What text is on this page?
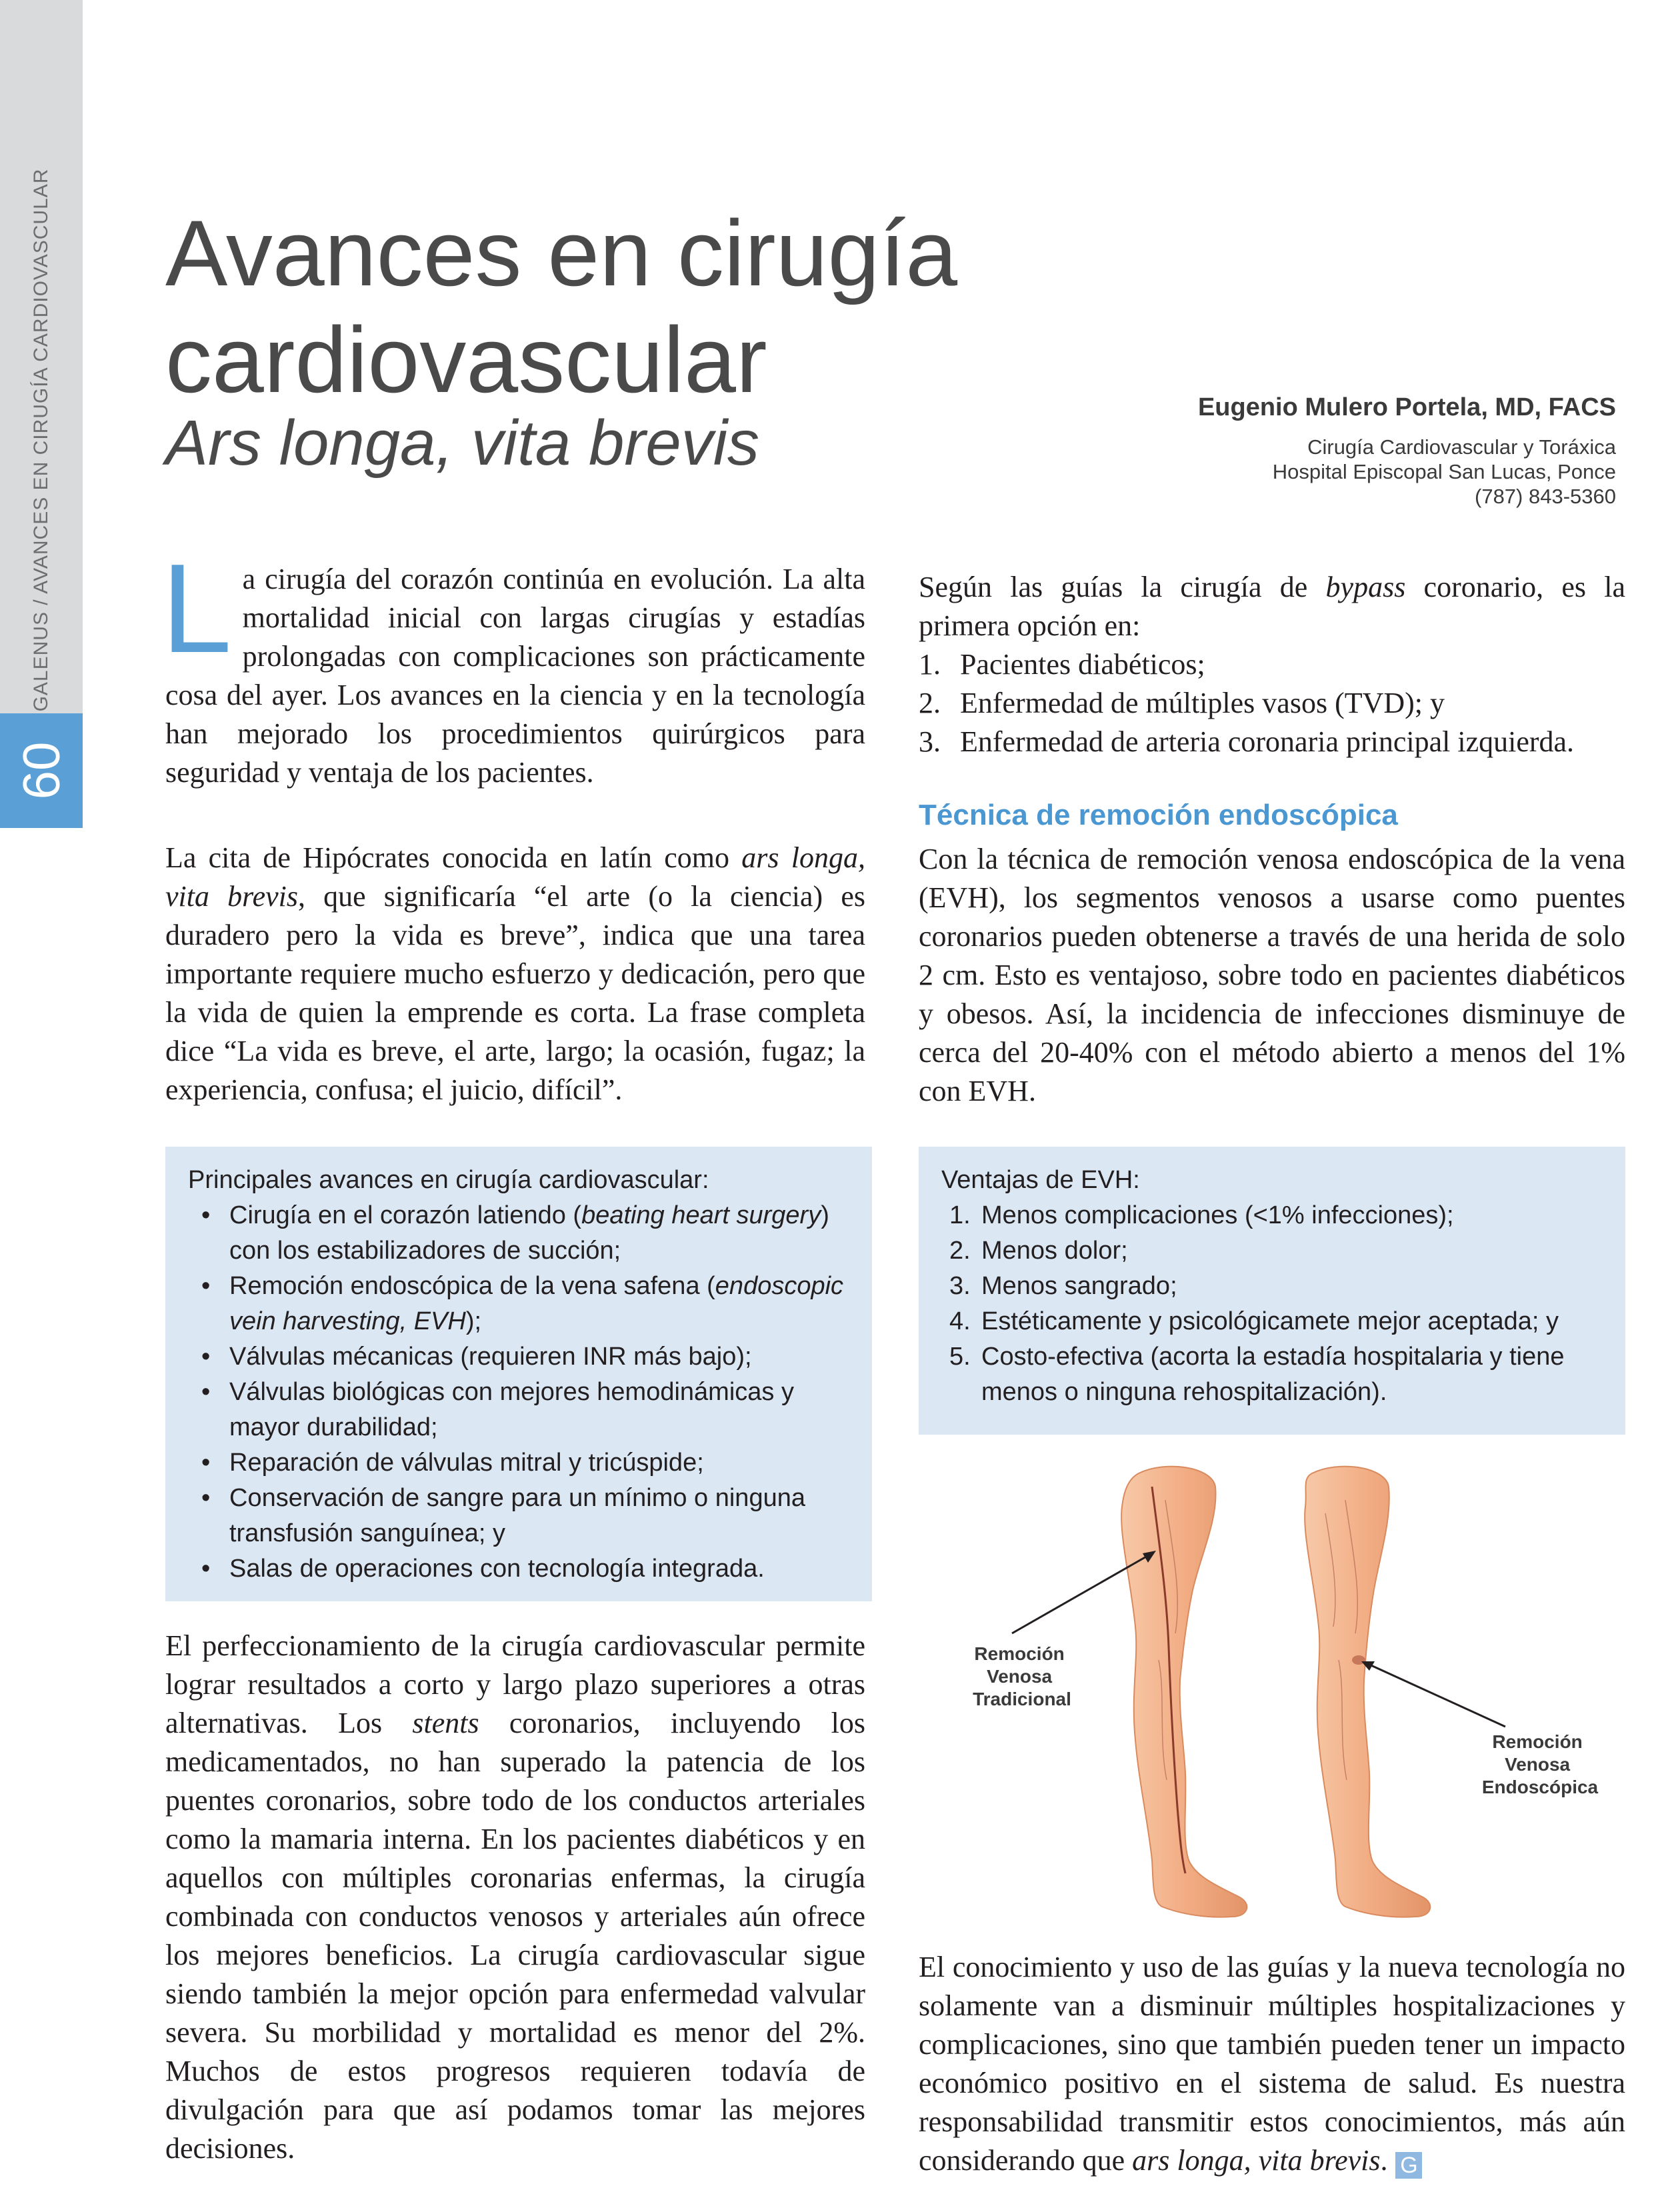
GALENUS / AVANCES EN CIRUGÍA CARDIOVASCULAR
60
Avances en cirugía
cardiovascular
Ars longa, vita brevis	Eugenio Mulero Portela, MD, FACS
Cirugía Cardiovascular y Toráxica
Hospital Episcopal San Lucas, Ponce
(787) 843-5360
La cirugía del corazón continúa en evolución. La alta mortalidad inicial con largas cirugías y estadías prolongadas con complicaciones son prácticamente cosa del ayer. Los avances en la ciencia y en la tecnología han mejorado los procedimientos quirúrgicos para seguridad y ventaja de los pacientes.

La cita de Hipócrates conocida en latín como ars longa, vita brevis, que significaría “el arte (o la ciencia) es duradero pero la vida es breve”, indica que una tarea importante requiere mucho esfuerzo y dedicación, pero que la vida de quien la emprende es corta. La frase completa dice “La vida es breve, el arte, largo; la ocasión, fugaz; la experiencia, confusa; el juicio, difícil”.

Principales avances en cirugía cardiovascular:

• Cirugía en el corazón latiendo (beating heart surgery) con los estabilizadores de succión;
• Remoción endoscópica de la vena safena (endoscopic vein harvesting, EVH);
• Válvulas mécanicas (requieren INR más bajo);
• Válvulas biológicas con mejores hemodinámicas y mayor durabilidad;
• Reparación de válvulas mitral y tricúspide;
• Conservación de sangre para un mínimo o ninguna transfusión sanguínea; y
• Salas de operaciones con tecnología integrada.

El perfeccionamiento de la cirugía cardiovascular permite lograr resultados a corto y largo plazo superiores a otras alternativas. Los stents coronarios, incluyendo los medicamentados, no han superado la patencia de los puentes coronarios, sobre todo de los conductos arteriales como la mamaria interna. En los pacientes diabéticos y en aquellos con múltiples coronarias enfermas, la cirugía combinada con conductos venosos y arteriales aún ofrece los mejores beneficios. La cirugía cardiovascular sigue siendo también la mejor opción para enfermedad valvular severa. Su morbilidad y mortalidad es menor del 2%. Muchos de estos progresos requieren todavía de divulgación para que así podamos tomar las mejores decisiones.

Según las guías la cirugía de bypass coronario, es la primera opción en:

1. Pacientes diabéticos;
2. Enfermedad de múltiples vasos (TVD); y
3. Enfermedad de arteria coronaria principal izquierda.
Técnica de remoción endoscópica

Con la técnica de remoción venosa endoscópica de la vena (EVH), los segmentos venosos a usarse como puentes coronarios pueden obtenerse a través de una herida de solo 2 cm. Esto es ventajoso, sobre todo en pacientes diabéticos y obesos. Así, la incidencia de infecciones disminuye de cerca del 20-40% con el método abierto a menos del 1% con EVH.

Ventajas de EVH:

1. Menos complicaciones (<1% infecciones);
2. Menos dolor;
3. Menos sangrado;
4. Estéticamente y psicológicamete mejor aceptada; y
5. Costo-efectiva (acorta la estadía hospitalaria y tiene menos o ninguna rehospitalización).
Remoción Venosa Tradicional
Remoción Venosa Endoscópica

El conocimiento y uso de las guías y la nueva tecnología no solamente van a disminuir múltiples hospitalizaciones y complicaciones, sino que también pueden tener un impacto económico positivo en el sistema de salud. Es nuestra responsabilidad transmitir estos conocimientos, más aún considerando que ars longa, vita brevis. G
